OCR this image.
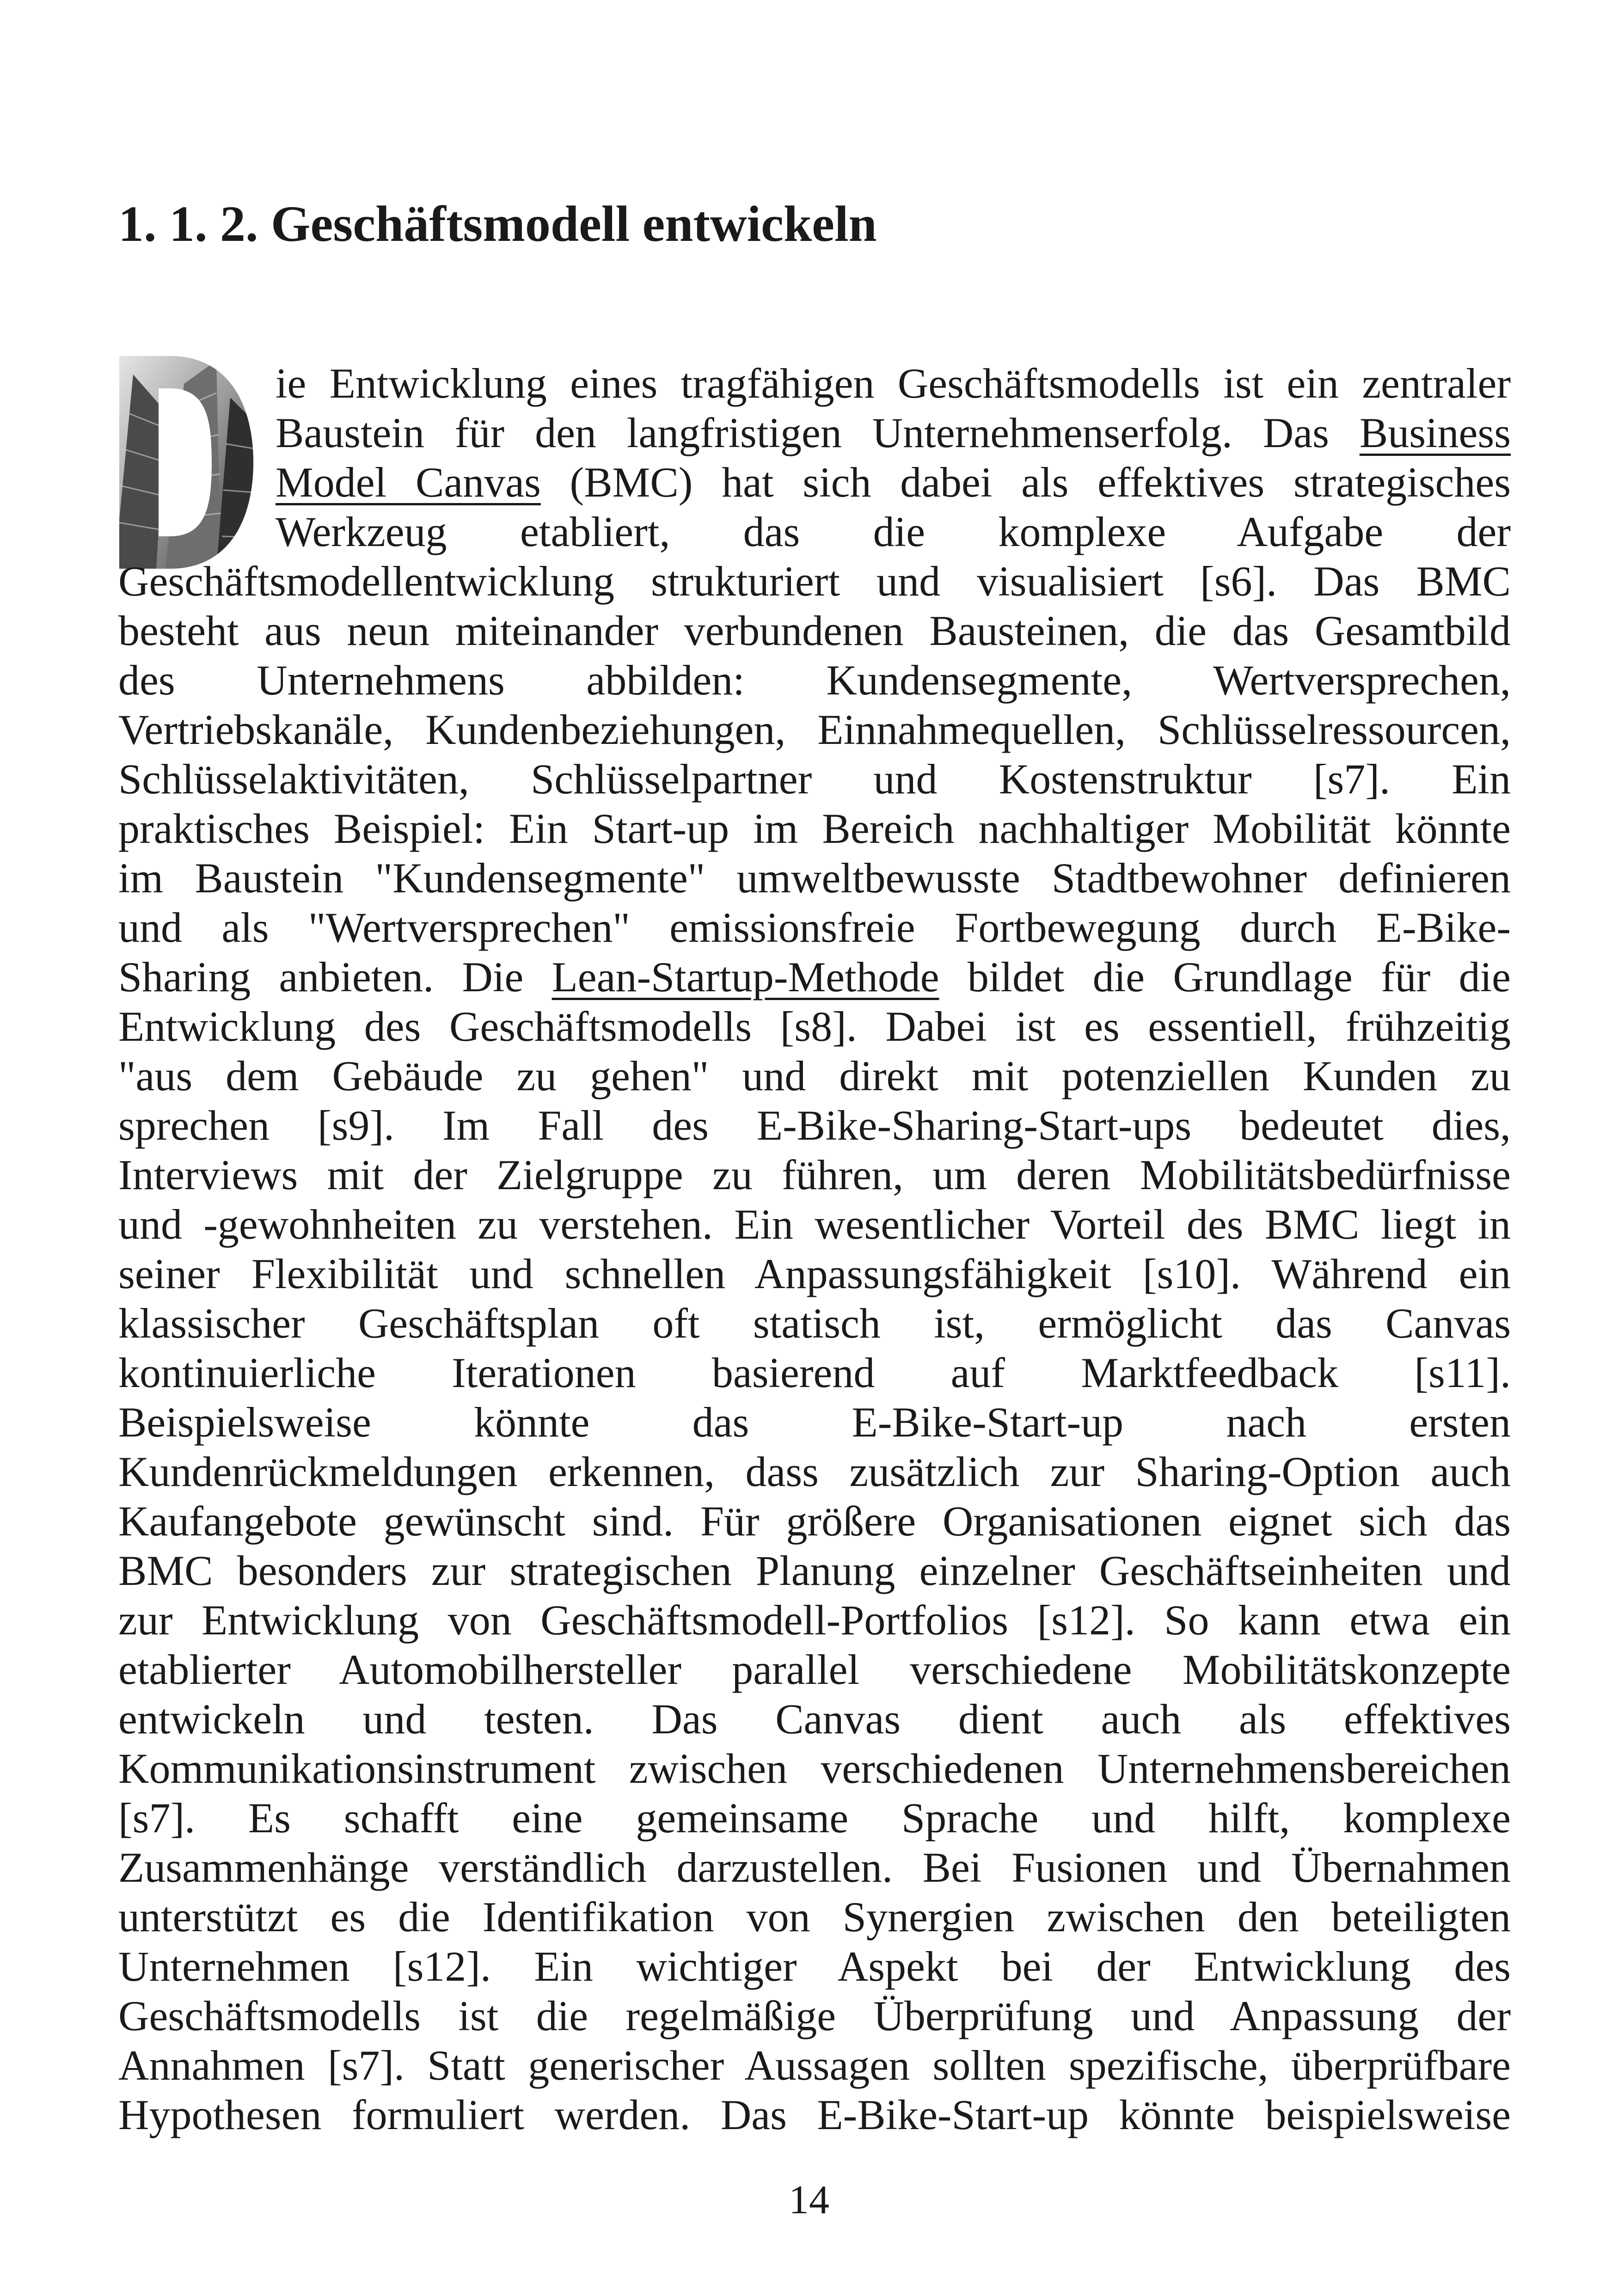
1. 1. 2. Geschäftsmodell entwickeln
ie Entwicklung eines tragfähigen Geschäftsmodells ist ein zentraler
Baustein für den langfristigen Unternehmenserfolg. Das Business
Model Canvas (BMC) hat sich dabei als effektives strategisches
Werkzeug etabliert, das die komplexe Aufgabe der
Geschäftsmodellentwicklung strukturiert und visualisiert [s6]. Das BMC
besteht aus neun miteinander verbundenen Bausteinen, die das Gesamtbild
des Unternehmens abbilden: Kundensegmente, Wertversprechen,
Vertriebskanäle, Kundenbeziehungen, Einnahmequellen, Schlüsselressourcen,
Schlüsselaktivitäten, Schlüsselpartner und Kostenstruktur [s7]. Ein
praktisches Beispiel: Ein Start-up im Bereich nachhaltiger Mobilität könnte
im Baustein "Kundensegmente" umweltbewusste Stadtbewohner definieren
und als "Wertversprechen" emissionsfreie Fortbewegung durch E-Bike-
Sharing anbieten. Die Lean-Startup-Methode bildet die Grundlage für die
Entwicklung des Geschäftsmodells [s8]. Dabei ist es essentiell, frühzeitig
"aus dem Gebäude zu gehen" und direkt mit potenziellen Kunden zu
sprechen [s9]. Im Fall des E-Bike-Sharing-Start-ups bedeutet dies,
Interviews mit der Zielgruppe zu führen, um deren Mobilitätsbedürfnisse
und -gewohnheiten zu verstehen. Ein wesentlicher Vorteil des BMC liegt in
seiner Flexibilität und schnellen Anpassungsfähigkeit [s10]. Während ein
klassischer Geschäftsplan oft statisch ist, ermöglicht das Canvas
kontinuierliche Iterationen basierend auf Marktfeedback [s11].
Beispielsweise könnte das E-Bike-Start-up nach ersten
Kundenrückmeldungen erkennen, dass zusätzlich zur Sharing-Option auch
Kaufangebote gewünscht sind. Für größere Organisationen eignet sich das
BMC besonders zur strategischen Planung einzelner Geschäftseinheiten und
zur Entwicklung von Geschäftsmodell-Portfolios [s12]. So kann etwa ein
etablierter Automobilhersteller parallel verschiedene Mobilitätskonzepte
entwickeln und testen. Das Canvas dient auch als effektives
Kommunikationsinstrument zwischen verschiedenen Unternehmensbereichen
[s7]. Es schafft eine gemeinsame Sprache und hilft, komplexe
Zusammenhänge verständlich darzustellen. Bei Fusionen und Übernahmen
unterstützt es die Identifikation von Synergien zwischen den beteiligten
Unternehmen [s12]. Ein wichtiger Aspekt bei der Entwicklung des
Geschäftsmodells ist die regelmäßige Überprüfung und Anpassung der
Annahmen [s7]. Statt generischer Aussagen sollten spezifische, überprüfbare
Hypothesen formuliert werden. Das E-Bike-Start-up könnte beispielsweise
14
